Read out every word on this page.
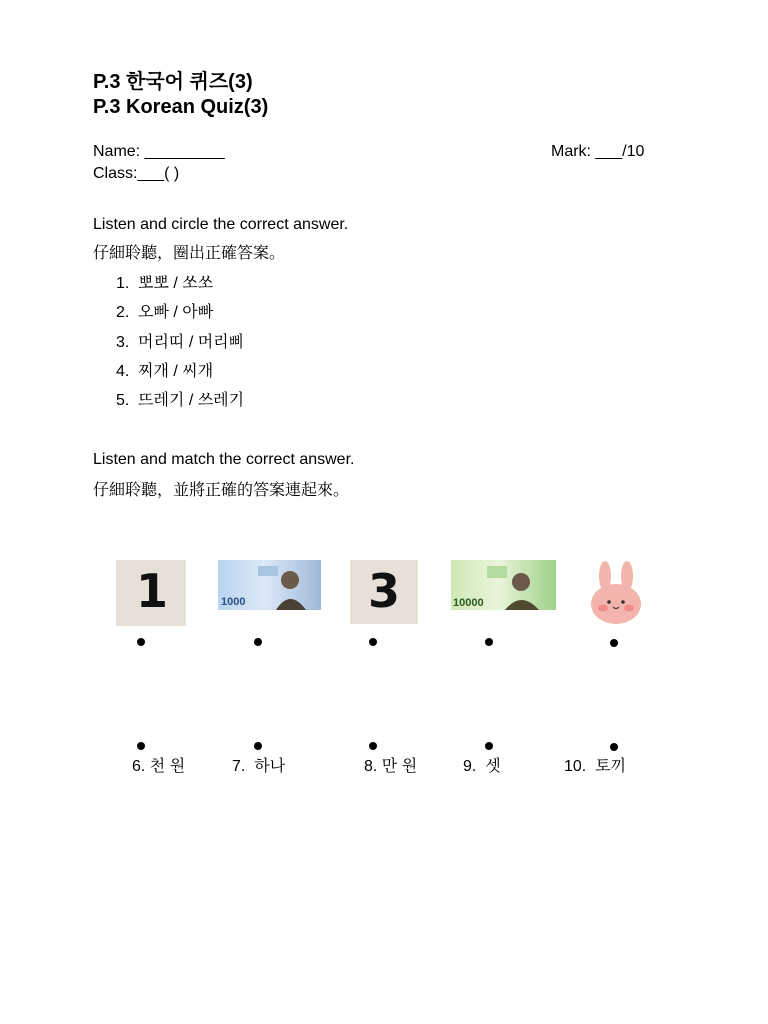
P.3 한국어 퀴즈(3)
P.3 Korean Quiz(3)
Name: _________	Mark: ___/10
Class:___( )
Listen and circle the correct answer.
仔細聆聽，圈出正確答案。
1. 뽀뽀 / 쏘쏘
2. 오빠 / 아빠
3. 머리띠 / 머리삐
4. 찌개 / 씨개
5. 뜨레기 / 쓰레기
Listen and match the correct answer.
仔細聆聽，並將正確的答案連起來。
1	1000	3	10000
6. 천 원	7. 하나	8. 만 원	9. 셋	10. 토끼
